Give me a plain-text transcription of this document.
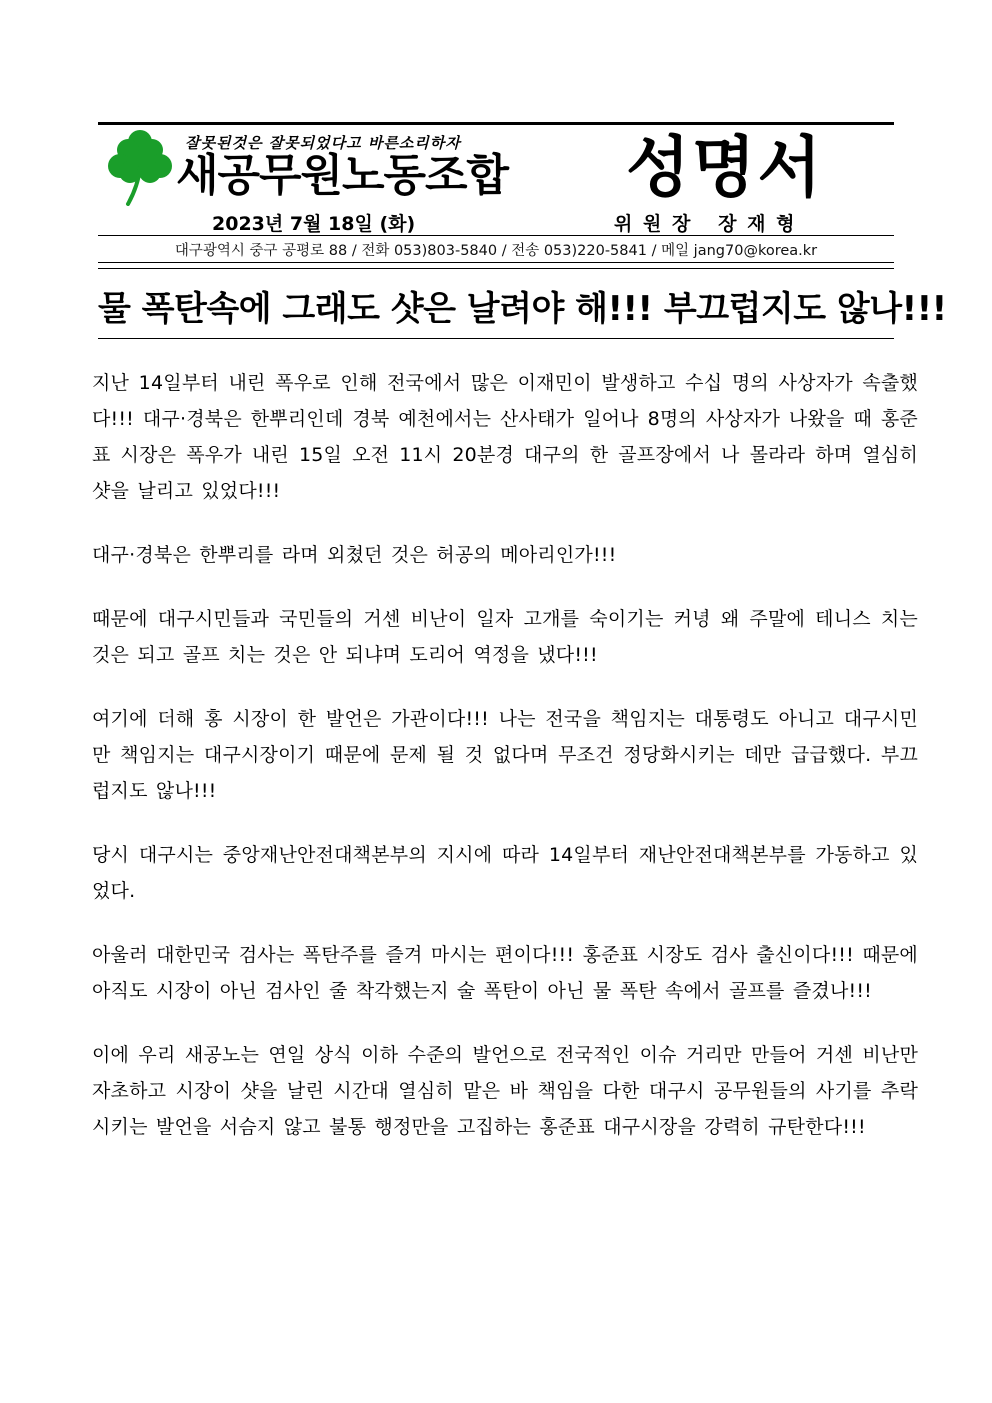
잘못된것은 잘못되었다고 바른소리하자
새공무원노동조합 성명서
2023년 7월 18일 (화)	위 원 장   장 재 형
대구광역시 중구 공평로 88 / 전화 053)803-5840 / 전송 053)220-5841 / 메일 jang70@korea.kr
물 폭탄속에 그래도 샷은 날려야 해!!! 부끄럽지도 않나!!!

지난 14일부터 내린 폭우로 인해 전국에서 많은 이재민이 발생하고 수십 명의 사상자가 속출했다!!! 대구·경북은 한뿌리인데 경북 예천에서는 산사태가 일어나 8명의 사상자가 나왔을 때 홍준표 시장은 폭우가 내린 15일 오전 11시 20분경 대구의 한 골프장에서 나 몰라라 하며 열심히 샷을 날리고 있었다!!!

대구·경북은 한뿌리를 라며 외쳤던 것은 허공의 메아리인가!!!

때문에 대구시민들과 국민들의 거센 비난이 일자 고개를 숙이기는 커녕 왜 주말에 테니스 치는 것은 되고 골프 치는 것은 안 되냐며 도리어 역정을 냈다!!!

여기에 더해 홍 시장이 한 발언은 가관이다!!! 나는 전국을 책임지는 대통령도 아니고 대구시민만 책임지는 대구시장이기 때문에 문제 될 것 없다며 무조건 정당화시키는 데만 급급했다. 부끄럽지도 않나!!!

당시 대구시는 중앙재난안전대책본부의 지시에 따라 14일부터 재난안전대책본부를 가동하고 있었다.

아울러 대한민국 검사는 폭탄주를 즐겨 마시는 편이다!!! 홍준표 시장도 검사 출신이다!!! 때문에 아직도 시장이 아닌 검사인 줄 착각했는지 술 폭탄이 아닌 물 폭탄 속에서 골프를 즐겼나!!!

이에 우리 새공노는 연일 상식 이하 수준의 발언으로 전국적인 이슈 거리만 만들어 거센 비난만 자초하고 시장이 샷을 날린 시간대 열심히 맡은 바 책임을 다한 대구시 공무원들의 사기를 추락시키는 발언을 서슴지 않고 불통 행정만을 고집하는 홍준표 대구시장을 강력히 규탄한다!!!
